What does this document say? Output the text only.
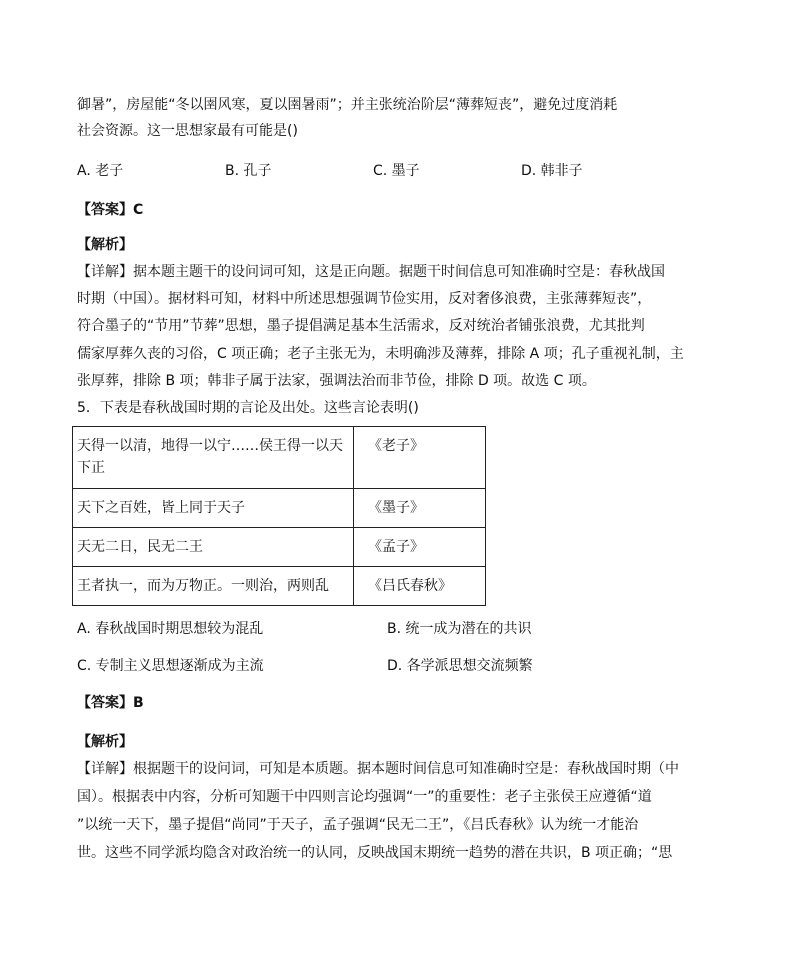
御暑”，房屋能“冬以圉风寒，夏以圉暑雨”；并主张统治阶层“薄葬短丧”，避免过度消耗
社会资源。这一思想家最有可能是()
A. 老子	B. 孔子	C. 墨子	D. 韩非子
【答案】C
【解析】
【详解】据本题主题干的设问词可知，这是正向题。据题干时间信息可知准确时空是：春秋战国
时期（中国）。据材料可知，材料中所述思想强调节俭实用，反对奢侈浪费，主张薄葬短丧”，
符合墨子的“节用”节葬”思想，墨子提倡满足基本生活需求，反对统治者铺张浪费，尤其批判
儒家厚葬久丧的习俗，C 项正确；老子主张无为，未明确涉及薄葬，排除 A 项；孔子重视礼制，主
张厚葬，排除 B 项；韩非子属于法家，强调法治而非节俭，排除 D 项。故选 C 项。
5．下表是春秋战国时期的言论及出处。这些言论表明()
天得一以清，地得一以宁……侯王得一以天下正	《老子》
天下之百姓，皆上同于天子	《墨子》
天无二日，民无二王	《孟子》
王者执一，而为万物正。一则治，两则乱	《吕氏春秋》
A. 春秋战国时期思想较为混乱	B. 统一成为潜在的共识
C. 专制主义思想逐渐成为主流	D. 各学派思想交流频繁
【答案】B
【解析】
【详解】根据题干的设问词，可知是本质题。据本题时间信息可知准确时空是：春秋战国时期（中
国）。根据表中内容，分析可知题干中四则言论均强调“一”的重要性：老子主张侯王应遵循“道
”以统一天下，墨子提倡“尚同”于天子，孟子强调“民无二王”，《吕氏春秋》认为统一才能治
世。这些不同学派均隐含对政治统一的认同，反映战国末期统一趋势的潜在共识，B 项正确；“思
